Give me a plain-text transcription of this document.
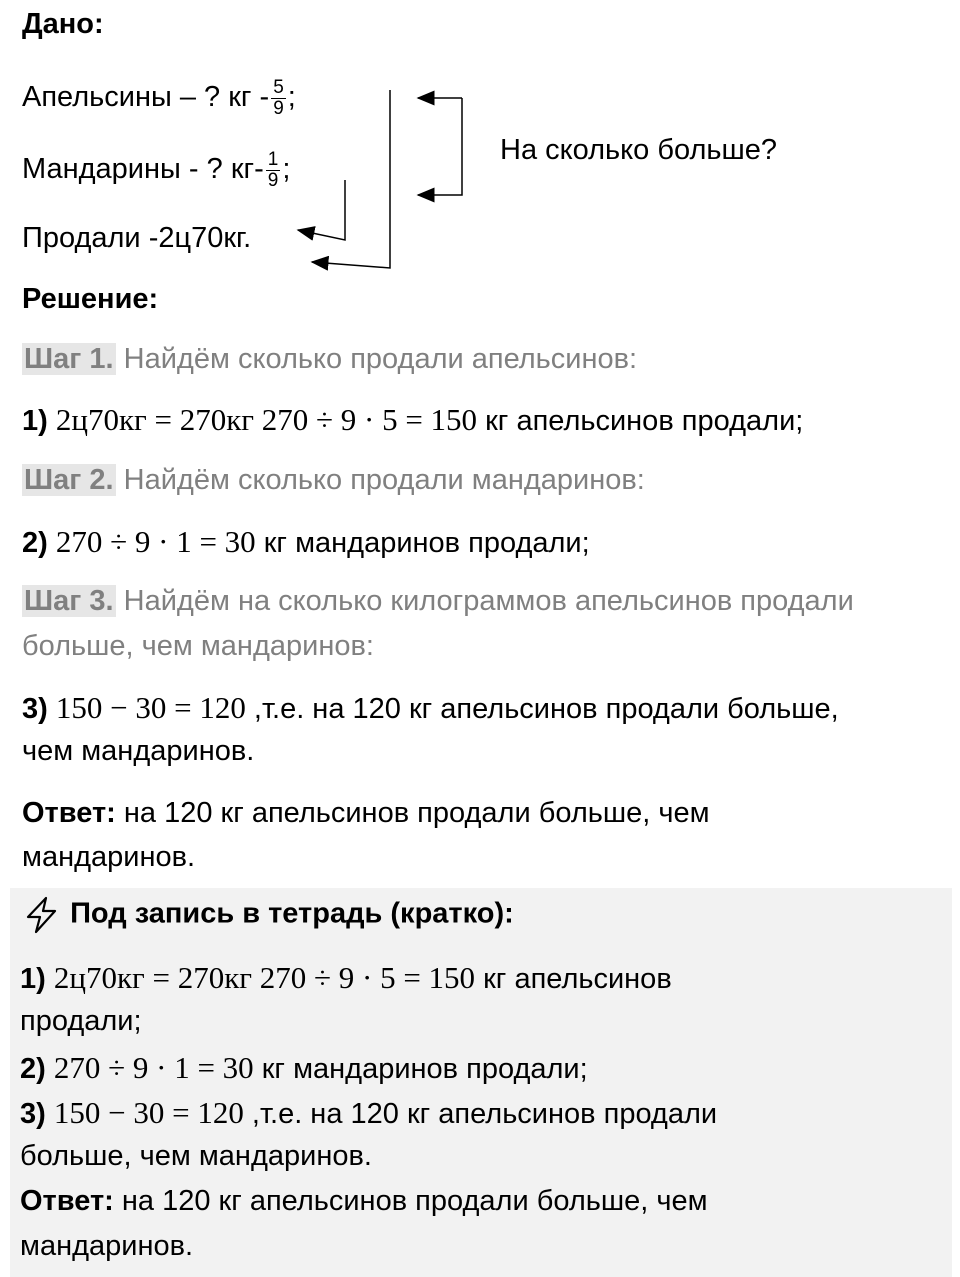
Дано:
Апельсины – ? кг - $\frac{5}{9}$ ;
Мандарины - ? $кг- \frac{1}{9}$ ;
Продали -2ц70кг.
На сколько больше?
Решение:
Шаг 1. Найдём сколько продали апельсинов:
1) 2ц70кг = 270кг 270 ÷ 9 · 5 = 150 кг апельсинов продали;
Шаг 2. Найдём сколько продали мандаринов:
2) 270 ÷ 9 · 1 = 30 кг мандаринов продали;
Шаг 3. Найдём на сколько килограммов апельсинов продали
больше, чем мандаринов:
3) 150 − 30 = 120 ,т.е. на 120 кг апельсинов продали больше,
чем мандаринов.
Ответ: на 120 кг апельсинов продали больше, чем
мандаринов.
Под запись в тетрадь (кратко):
1) 2ц70кг = 270кг 270 ÷ 9 · 5 = 150 кг апельсинов
продали;
2) 270 ÷ 9 · 1 = 30 кг мандаринов продали;
3) 150 − 30 = 120 ,т.е. на 120 кг апельсинов продали
больше, чем мандаринов.
Ответ: на 120 кг апельсинов продали больше, чем
мандаринов.
